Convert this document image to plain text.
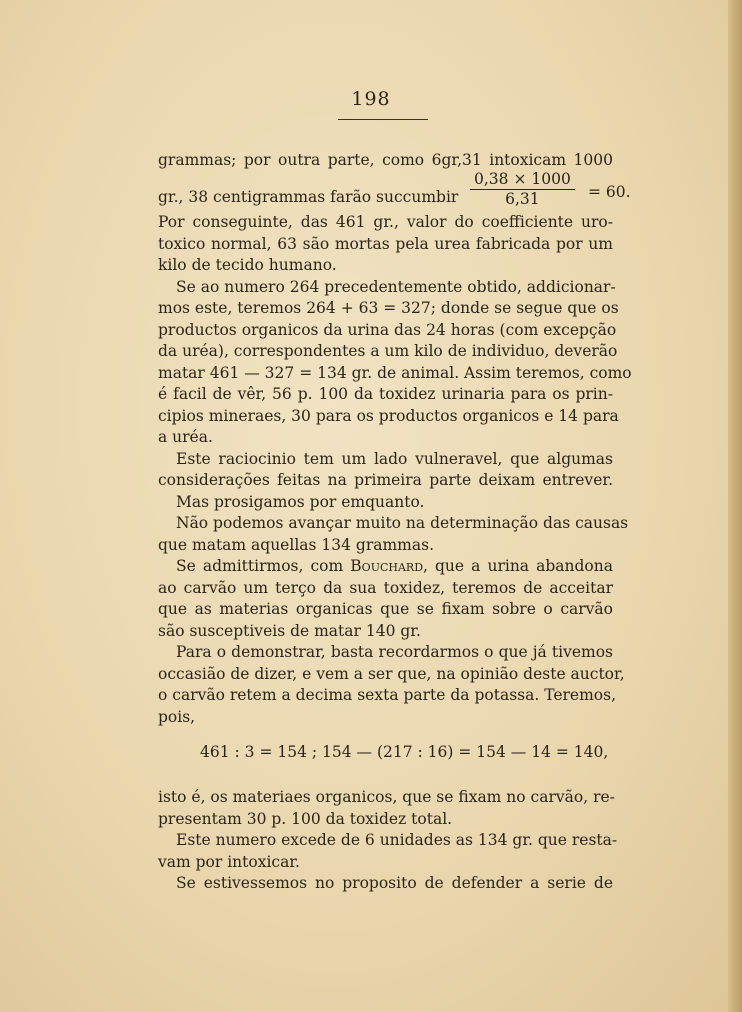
198
grammas; por outra parte, como 6gr,31 intoxicam 1000
gr., 38 centigrammas farão succumbir $\frac{0,38 \times 1000}{6,31} = 60$.
Por conseguinte, das 461 gr., valor do coefficiente uro-
toxico normal, 63 são mortas pela urea fabricada por um
kilo de tecido humano.
Se ao numero 264 precedentemente obtido, addicionar-
mos este, teremos 264 + 63 = 327; donde se segue que os
productos organicos da urina das 24 horas (com excepção
da uréa), correspondentes a um kilo de individuo, deverão
matar 461 — 327 = 134 gr. de animal. Assim teremos, como
é facil de vêr, 56 p. 100 da toxidez urinaria para os prin-
cipios mineraes, 30 para os productos organicos e 14 para
a uréa.
Este raciocinio tem um lado vulneravel, que algumas
considerações feitas na primeira parte deixam entrever.
Mas prosigamos por emquanto.
Não podemos avançar muito na determinação das causas
que matam aquellas 134 grammas.
Se admittirmos, com Bouchard, que a urina abandona
ao carvão um terço da sua toxidez, teremos de acceitar
que as materias organicas que se fixam sobre o carvão
são susceptiveis de matar 140 gr.
Para o demonstrar, basta recordarmos o que já tivemos
occasião de dizer, e vem a ser que, na opinião deste auctor,
o carvão retem a decima sexta parte da potassa. Teremos,
pois,
461 : 3 = 154 ; 154 — (217 : 16) = 154 — 14 = 140,
isto é, os materiaes organicos, que se fixam no carvão, re-
presentam 30 p. 100 da toxidez total.
Este numero excede de 6 unidades as 134 gr. que resta-
vam por intoxicar.
Se estivessemos no proposito de defender a serie de
